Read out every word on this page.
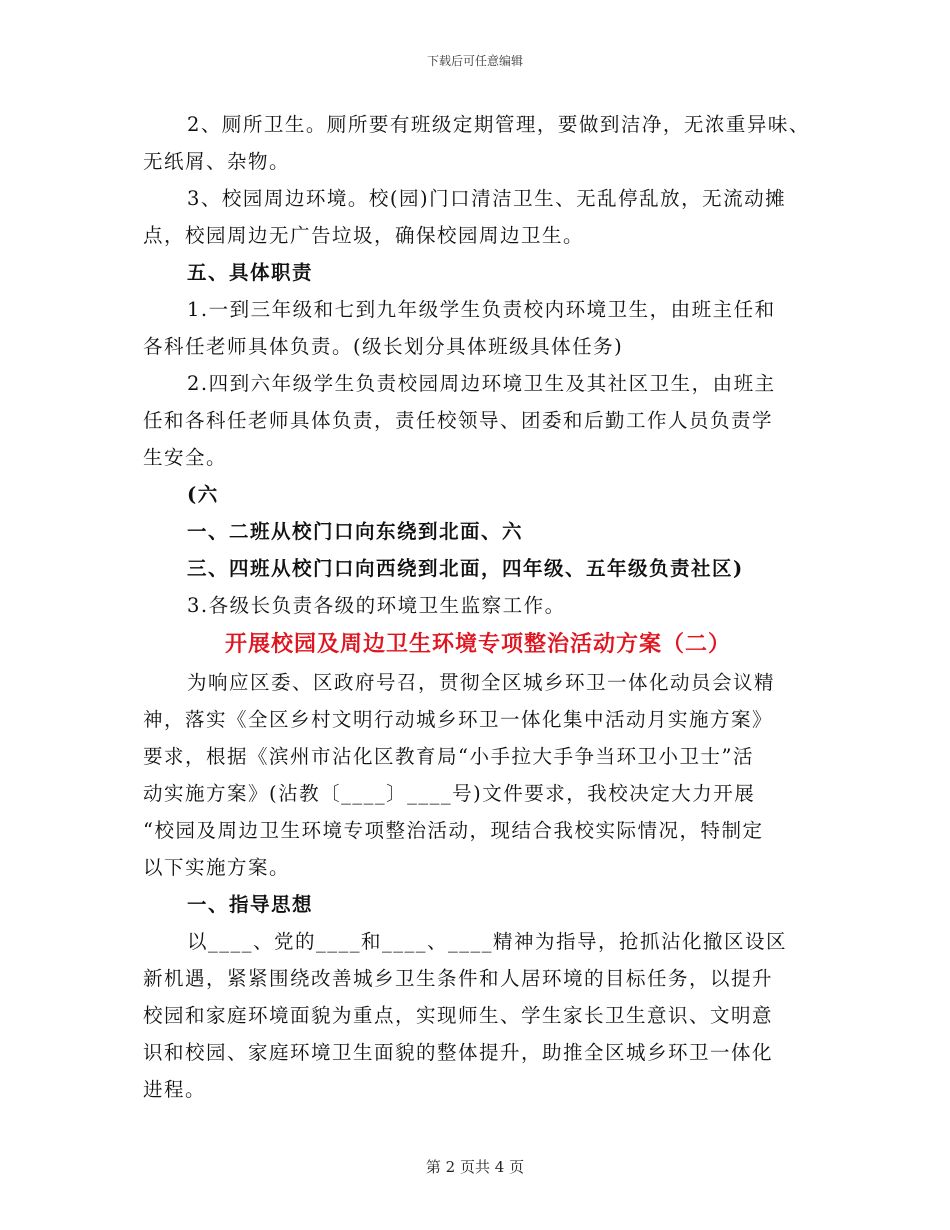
下载后可任意编辑

2、厕所卫生。厕所要有班级定期管理，要做到洁净，无浓重异味、

无纸屑、杂物。

3、校园周边环境。校(园)门口清洁卫生、无乱停乱放，无流动摊

点，校园周边无广告垃圾，确保校园周边卫生。

五、具体职责

1.一到三年级和七到九年级学生负责校内环境卫生，由班主任和

各科任老师具体负责。(级长划分具体班级具体任务)

2.四到六年级学生负责校园周边环境卫生及其社区卫生，由班主

任和各科任老师具体负责，责任校领导、团委和后勤工作人员负责学

生安全。

(六

一、二班从校门口向东绕到北面、六

三、四班从校门口向西绕到北面，四年级、五年级负责社区)

3.各级长负责各级的环境卫生监察工作。

开展校园及周边卫生环境专项整治活动方案（二）

为响应区委、区政府号召，贯彻全区城乡环卫一体化动员会议精

神，落实《全区乡村文明行动城乡环卫一体化集中活动月实施方案》

要求，根据《滨州市沾化区教育局“小手拉大手争当环卫小卫士”活

动实施方案》(沾教〔____〕____号)文件要求，我校决定大力开展

“校园及周边卫生环境专项整治活动，现结合我校实际情况，特制定

以下实施方案。

一、指导思想

以____、党的____和____、____精神为指导，抢抓沾化撤区设区

新机遇，紧紧围绕改善城乡卫生条件和人居环境的目标任务，以提升

校园和家庭环境面貌为重点，实现师生、学生家长卫生意识、文明意

识和校园、家庭环境卫生面貌的整体提升，助推全区城乡环卫一体化

进程。

第 2 页共 4 页
